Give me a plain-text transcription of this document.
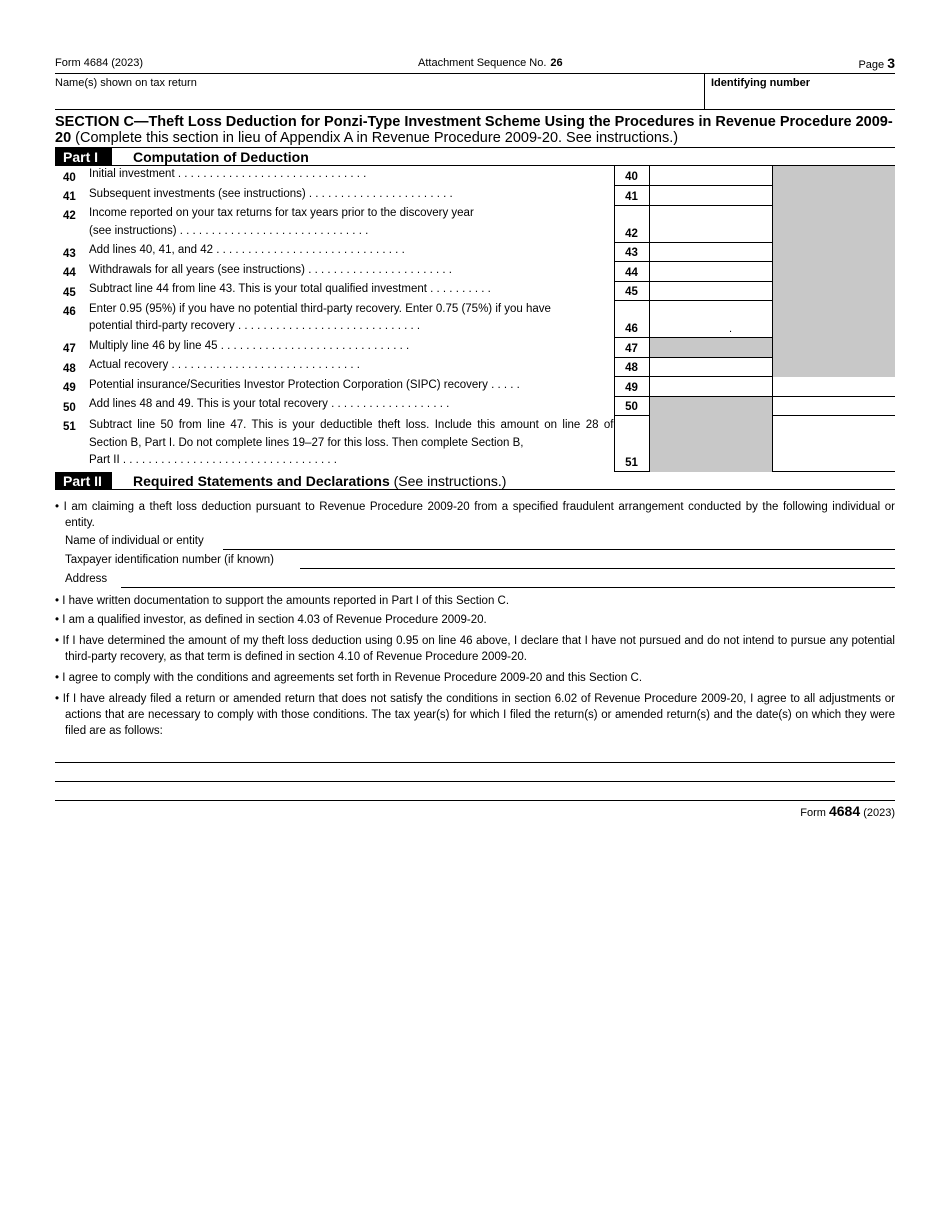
Form 4684 (2023)	Attachment Sequence No. 26	Page 3
Name(s) shown on tax return	Identifying number
SECTION C—Theft Loss Deduction for Ponzi-Type Investment Scheme Using the Procedures in Revenue Procedure 2009-20 (Complete this section in lieu of Appendix A in Revenue Procedure 2009-20. See instructions.)
Part I	Computation of Deduction
40	Initial investment . . . . . . . . . . . . . . . . . . . . . . . . . . . . . .	40		
41	Subsequent investments (see instructions) . . . . . . . . . . . . . . . . . . . . . . .	41		
42	Income reported on your tax returns for tax years prior to the discovery year
(see instructions) . . . . . . . . . . . . . . . . . . . . . . . . . . . . . .	42		
43	Add lines 40, 41, and 42 . . . . . . . . . . . . . . . . . . . . . . . . . . . . . .	43		
44	Withdrawals for all years (see instructions) . . . . . . . . . . . . . . . . . . . . . . .	44		
45	Subtract line 44 from line 43. This is your total qualified investment . . . . . . . . . .	45		
46	Enter 0.95 (95%) if you have no potential third-party recovery. Enter 0.75 (75%) if you have
potential third-party recovery . . . . . . . . . . . . . . . . . . . . . . . . . . . . .	46	.	
47	Multiply line 46 by line 45 . . . . . . . . . . . . . . . . . . . . . . . . . . . . . .	47		
48	Actual recovery . . . . . . . . . . . . . . . . . . . . . . . . . . . . . .	48		
49	Potential insurance/Securities Investor Protection Corporation (SIPC) recovery . . . . .	49		
50	Add lines 48 and 49. This is your total recovery . . . . . . . . . . . . . . . . . . .	50		
51	Subtract line 50 from line 47. This is your deductible theft loss. Include this amount on line 28 of Section B, Part I. Do not complete lines 19–27 for this loss. Then complete Section B,
Part II . . . . . . . . . . . . . . . . . . . . . . . . . . . . . . . . . .	51		
Part II	Required Statements and Declarations (See instructions.)
• I am claiming a theft loss deduction pursuant to Revenue Procedure 2009-20 from a specified fraudulent arrangement conducted by the following individual or entity.
Name of individual or entity
Taxpayer identification number (if known)
Address
• I have written documentation to support the amounts reported in Part I of this Section C.
• I am a qualified investor, as defined in section 4.03 of Revenue Procedure 2009-20.
• If I have determined the amount of my theft loss deduction using 0.95 on line 46 above, I declare that I have not pursued and do not intend to pursue any potential third-party recovery, as that term is defined in section 4.10 of Revenue Procedure 2009-20.
• I agree to comply with the conditions and agreements set forth in Revenue Procedure 2009-20 and this Section C.
• If I have already filed a return or amended return that does not satisfy the conditions in section 6.02 of Revenue Procedure 2009-20, I agree to all adjustments or actions that are necessary to comply with those conditions. The tax year(s) for which I filed the return(s) or amended return(s) and the date(s) on which they were filed are as follows:
Form 4684 (2023)
